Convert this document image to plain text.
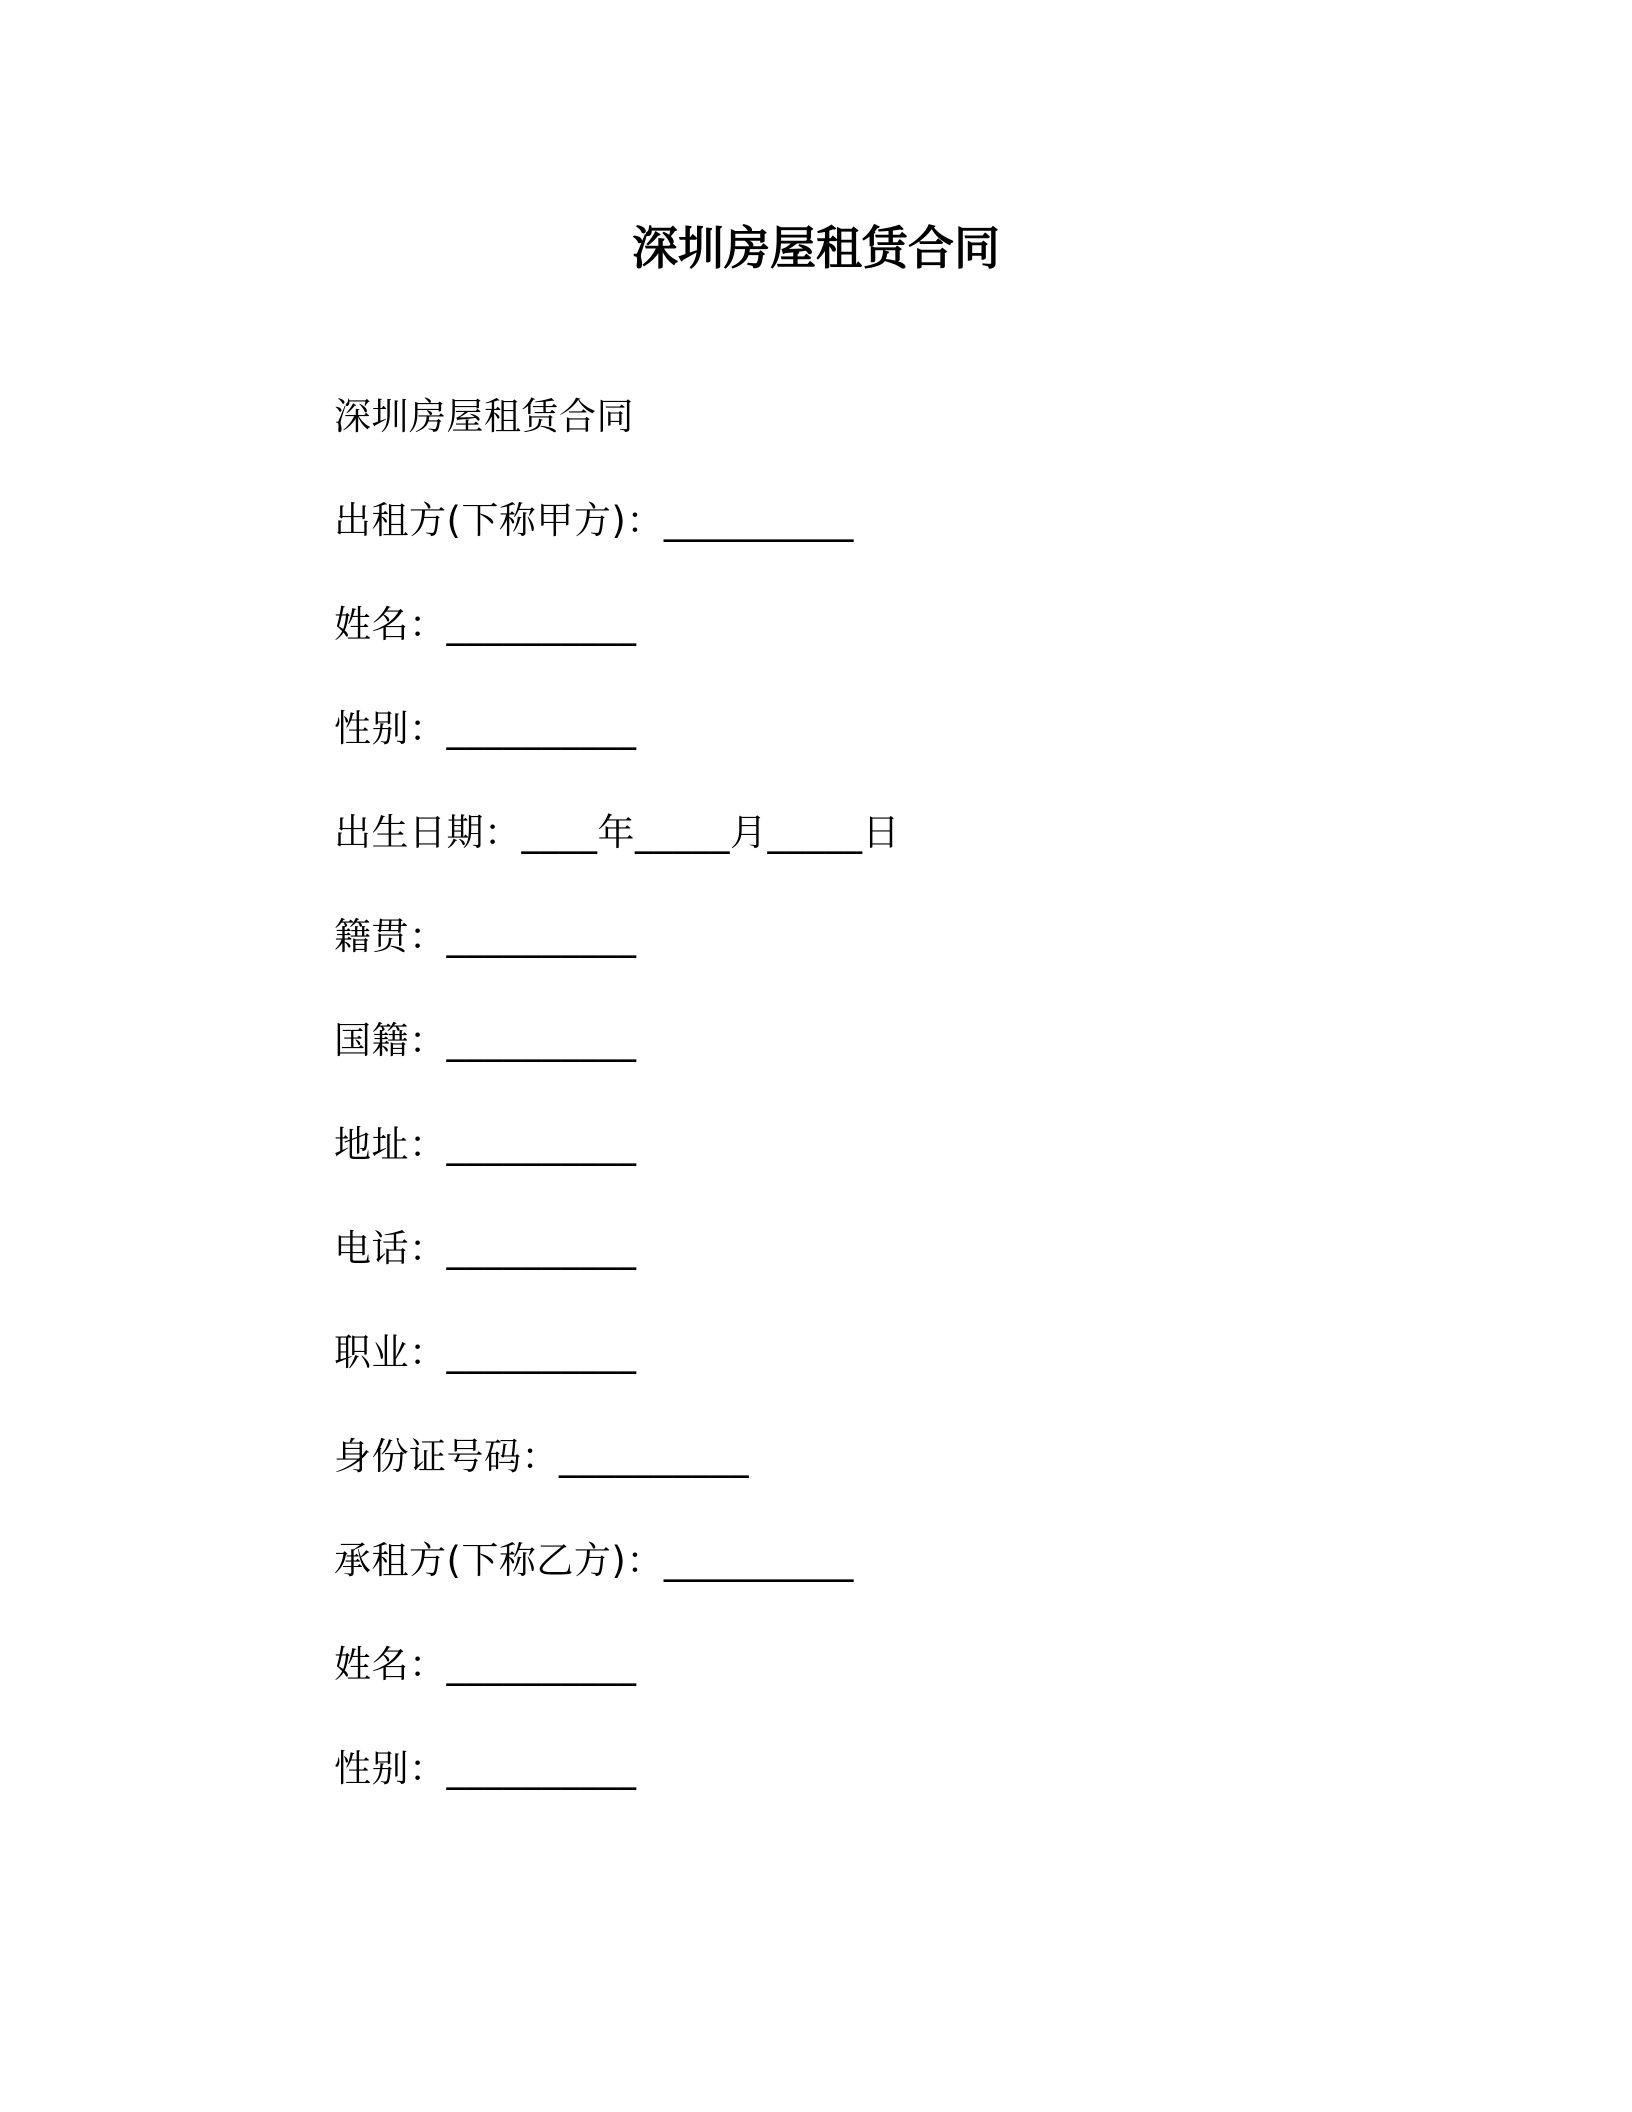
深圳房屋租赁合同
深圳房屋租赁合同
出租方(下称甲方)：__________
姓名：__________
性别：__________
出生日期：____年_____月_____日
籍贯：__________
国籍：__________
地址：__________
电话：__________
职业：__________
身份证号码：__________
承租方(下称乙方)：__________
姓名：__________
性别：__________
